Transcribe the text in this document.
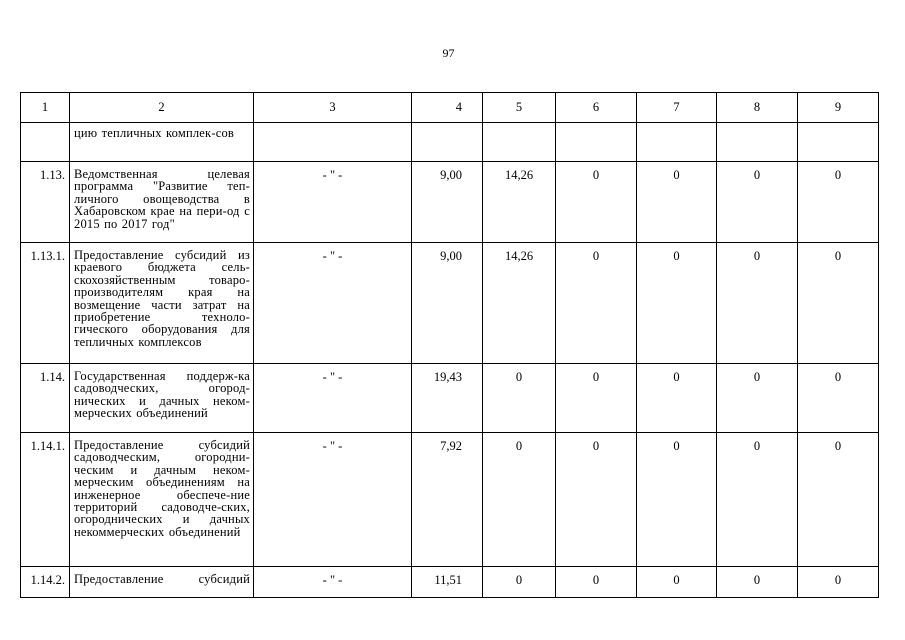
97
1	2	3	4	5	6	7	8	9
	цию тепличных комплек-сов							
1.13.	Ведомственная целевая программа "Развитие теп-личного овощеводства в Хабаровском крае на пери-од с 2015 по 2017 год"	- " -	9,00	14,26	0	0	0	0
1.13.1.	Предоставление субсидий из краевого бюджета сель-скохозяйственным товаро-производителям края на возмещение части затрат на приобретение техноло-гического оборудования для тепличных комплексов	- " -	9,00	14,26	0	0	0	0
1.14.	Государственная поддерж-ка садоводческих, огород-нических и дачных неком-мерческих объединений	- " -	19,43	0	0	0	0	0
1.14.1.	Предоставление субсидий садоводческим, огородни-ческим и дачным неком-мерческим объединениям на инженерное обеспече-ние территорий садоводче-ских, огороднических и дачных некоммерческих объединений	- " -	7,92	0	0	0	0	0
1.14.2.	Предоставление субсидий	- " -	11,51	0	0	0	0	0
